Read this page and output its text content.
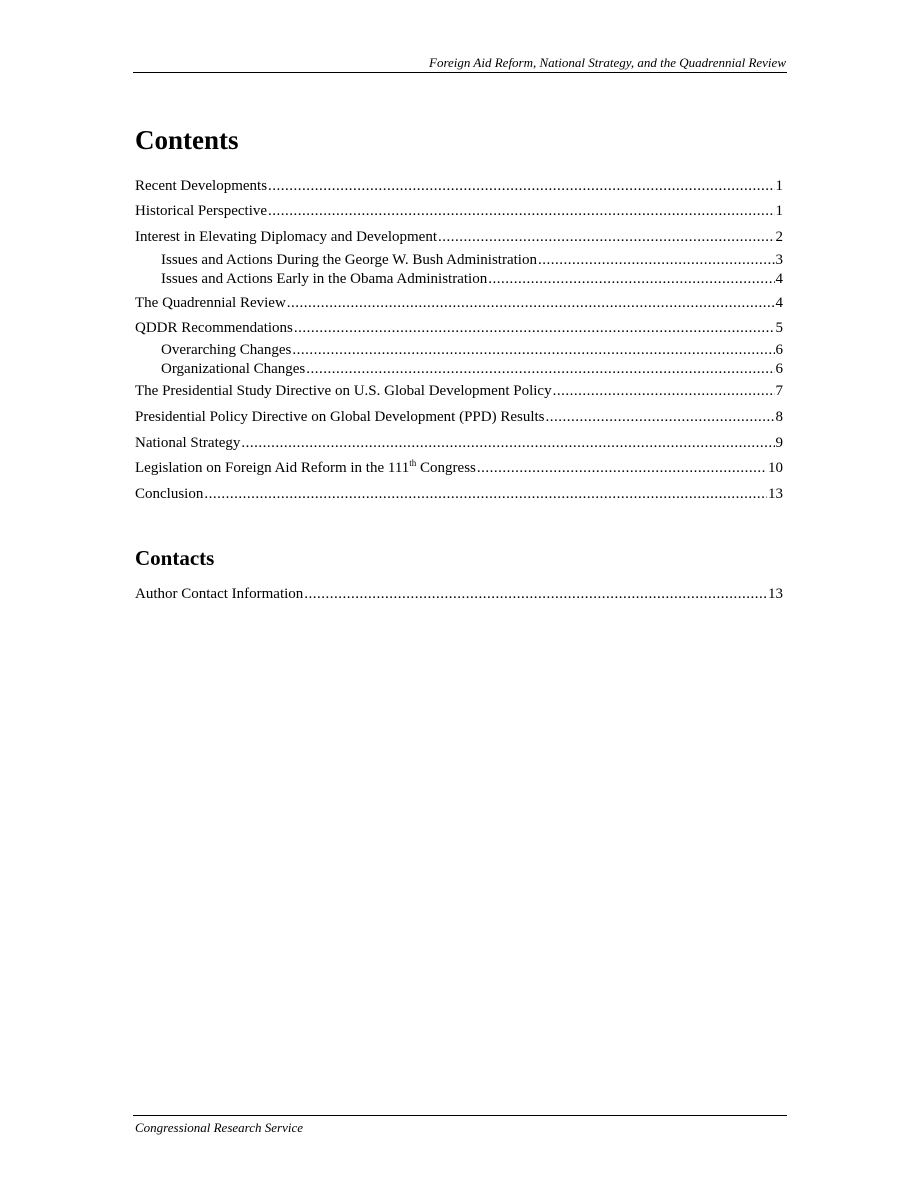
Foreign Aid Reform, National Strategy, and the Quadrennial Review
Contents
Recent Developments .....	1
Historical Perspective .....	1
Interest in Elevating Diplomacy and Development .....	2
Issues and Actions During the George W. Bush Administration .....	3
Issues and Actions Early in the Obama Administration .....	4
The Quadrennial Review .....	4
QDDR Recommendations .....	5
Overarching Changes .....	6
Organizational Changes .....	6
The Presidential Study Directive on U.S. Global Development Policy .....	7
Presidential Policy Directive on Global Development (PPD) Results .....	8
National Strategy .....	9
Legislation on Foreign Aid Reform in the 111th Congress .....	10
Conclusion .....	13
Contacts
Author Contact Information .....	13
Congressional Research Service
